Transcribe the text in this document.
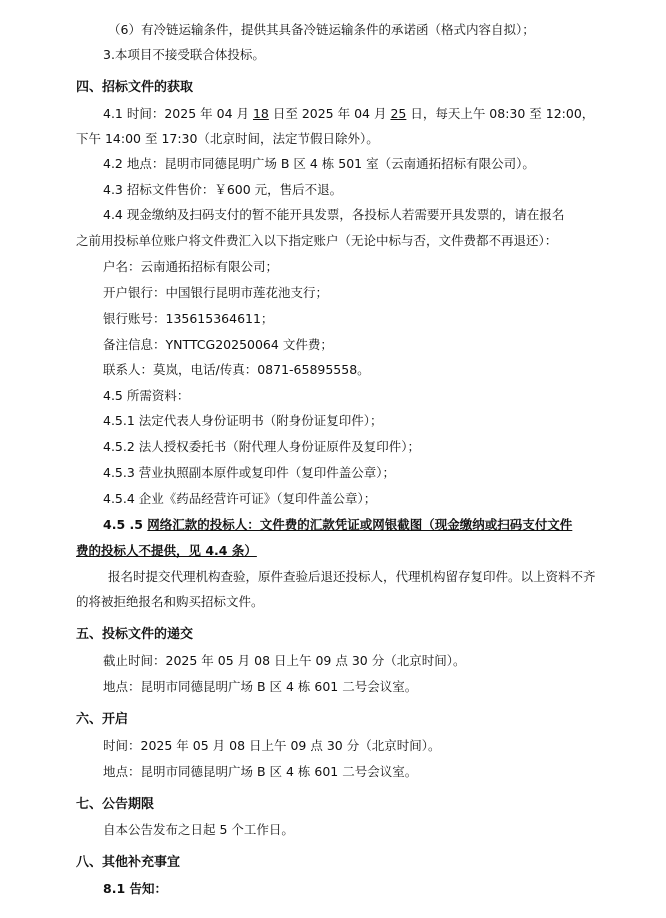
（6）有冷链运输条件，提供其具备冷链运输条件的承诺函（格式内容自拟）；
3.本项目不接受联合体投标。
四、招标文件的获取
4.1 时间：2025 年 04 月 18 日至 2025 年 04 月 25 日，每天上午 08:30 至 12:00，
下午 14:00 至 17:30（北京时间，法定节假日除外）。
4.2 地点：昆明市同德昆明广场 B 区 4 栋 501 室（云南通拓招标有限公司）。
4.3 招标文件售价：￥600 元，售后不退。
4.4 现金缴纳及扫码支付的暂不能开具发票，各投标人若需要开具发票的，请在报名
之前用投标单位账户将文件费汇入以下指定账户（无论中标与否，文件费都不再退还）：
户名：云南通拓招标有限公司；
开户银行：中国银行昆明市莲花池支行；
银行账号：135615364611；
备注信息：YNTTCG20250064 文件费；
联系人：莫岚，电话/传真：0871-65895558。
4.5 所需资料：
4.5.1 法定代表人身份证明书（附身份证复印件）；
4.5.2 法人授权委托书（附代理人身份证原件及复印件）；
4.5.3 营业执照副本原件或复印件（复印件盖公章）；
4.5.4 企业《药品经营许可证》（复印件盖公章）；
4.5 .5 网络汇款的投标人：文件费的汇款凭证或网银截图（现金缴纳或扫码支付文件
费的投标人不提供，见 4.4 条）
报名时提交代理机构查验，原件查验后退还投标人，代理机构留存复印件。以上资料不齐
的将被拒绝报名和购买招标文件。
五、投标文件的递交
截止时间：2025 年 05 月 08 日上午 09 点 30 分（北京时间）。
地点：昆明市同德昆明广场 B 区 4 栋 601 二号会议室。
六、开启
时间：2025 年 05 月 08 日上午 09 点 30 分（北京时间）。
地点：昆明市同德昆明广场 B 区 4 栋 601 二号会议室。
七、公告期限
自本公告发布之日起 5 个工作日。
八、其他补充事宜
8.1 告知：
